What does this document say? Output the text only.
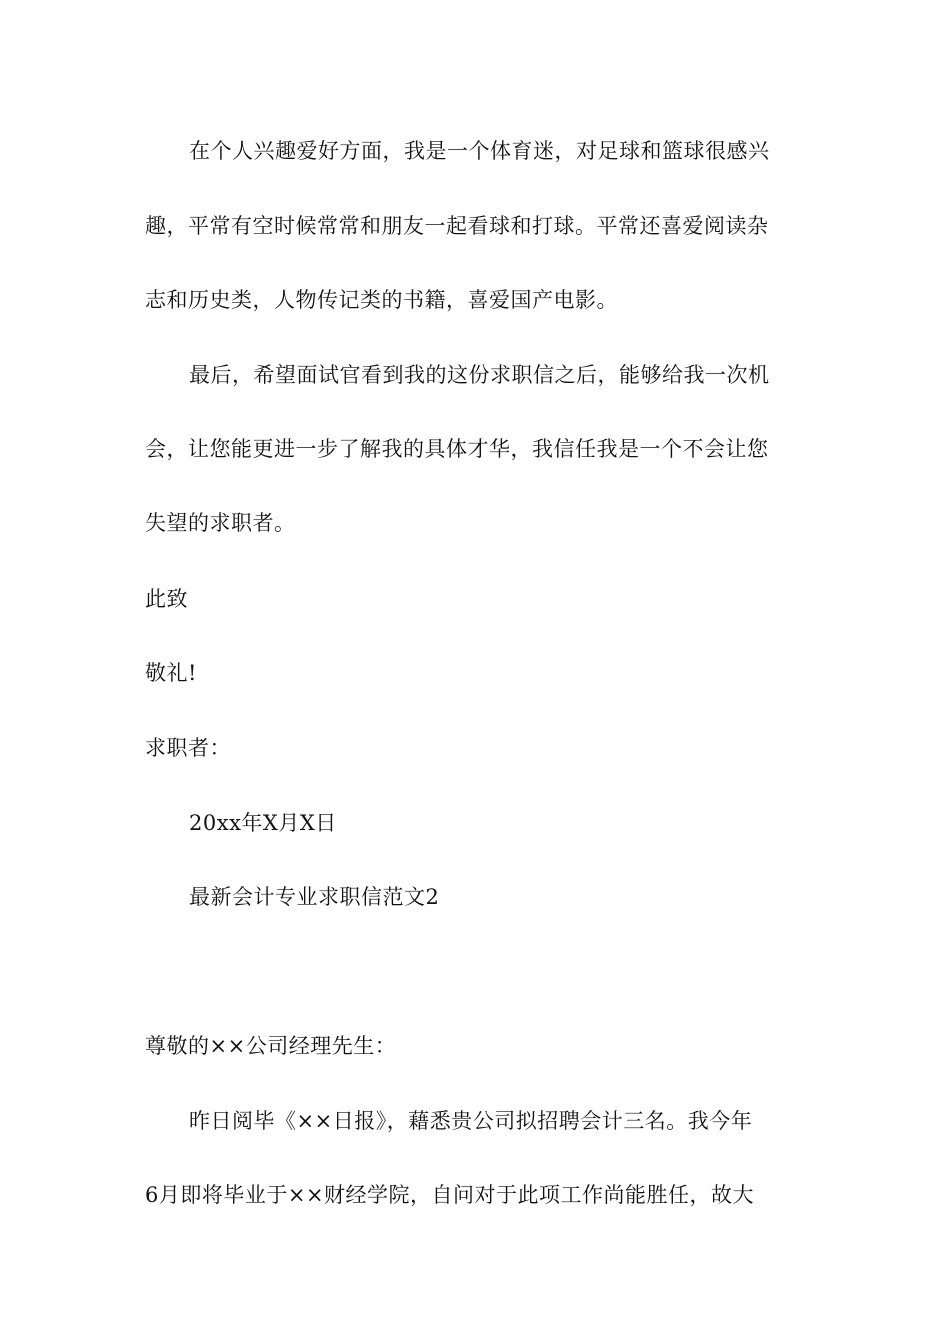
在个人兴趣爱好方面，我是一个体育迷，对足球和篮球很感兴
趣，平常有空时候常常和朋友一起看球和打球。平常还喜爱阅读杂
志和历史类，人物传记类的书籍，喜爱国产电影。
最后，希望面试官看到我的这份求职信之后，能够给我一次机
会，让您能更进一步了解我的具体才华，我信任我是一个不会让您
失望的求职者。
此致
敬礼!
求职者：
20xx年X月X日
最新会计专业求职信范文2
尊敬的××公司经理先生：
昨日阅毕《××日报》，藉悉贵公司拟招聘会计三名。我今年
6月即将毕业于××财经学院，自问对于此项工作尚能胜任，故大
